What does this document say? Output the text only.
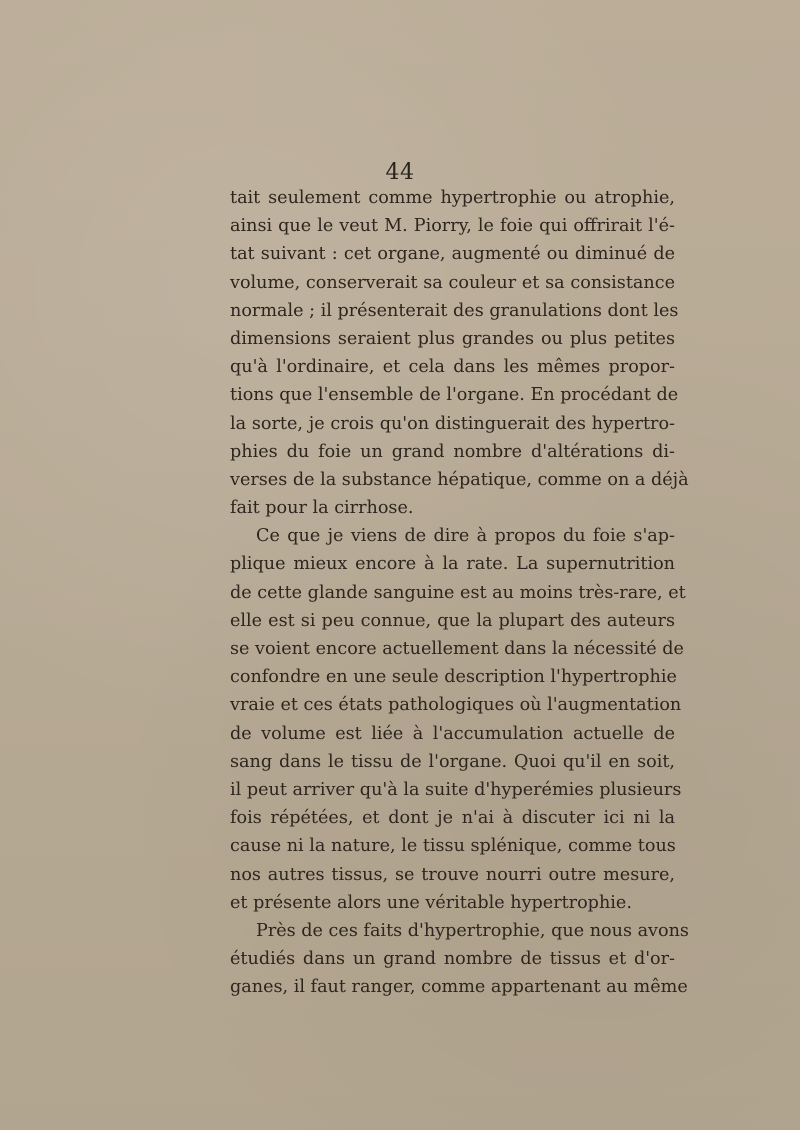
44
tait seulement comme hypertrophie ou atrophie,
ainsi que le veut M. Piorry, le foie qui offrirait l'é-
tat suivant : cet organe, augmenté ou diminué de
volume, conserverait sa couleur et sa consistance
normale ; il présenterait des granulations dont les
dimensions seraient plus grandes ou plus petites
qu'à l'ordinaire, et cela dans les mêmes propor-
tions que l'ensemble de l'organe. En procédant de
la sorte, je crois qu'on distinguerait des hypertro-
phies du foie un grand nombre d'altérations di-
verses de la substance hépatique, comme on a déjà
fait pour la cirrhose.
Ce que je viens de dire à propos du foie s'ap-
plique mieux encore à la rate. La supernutrition
de cette glande sanguine est au moins très-rare, et
elle est si peu connue, que la plupart des auteurs
se voient encore actuellement dans la nécessité de
confondre en une seule description l'hypertrophie
vraie et ces états pathologiques où l'augmentation
de volume est liée à l'accumulation actuelle de
sang dans le tissu de l'organe. Quoi qu'il en soit,
il peut arriver qu'à la suite d'hyperémies plusieurs
fois répétées, et dont je n'ai à discuter ici ni la
cause ni la nature, le tissu splénique, comme tous
nos autres tissus, se trouve nourri outre mesure,
et présente alors une véritable hypertrophie.
Près de ces faits d'hypertrophie, que nous avons
étudiés dans un grand nombre de tissus et d'or-
ganes, il faut ranger, comme appartenant au même
